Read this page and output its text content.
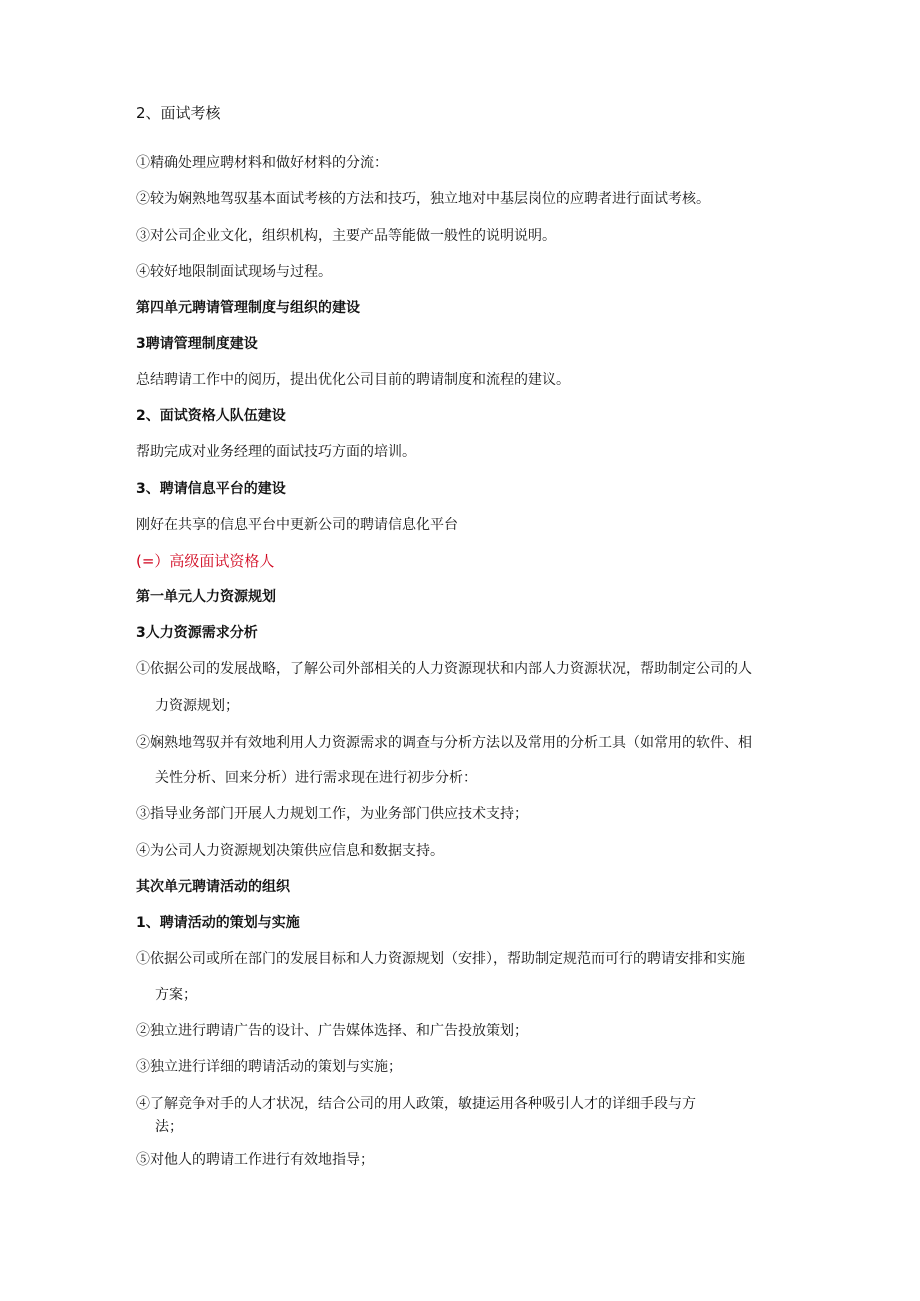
2、面试考核
①精确处理应聘材料和做好材料的分流：
②较为娴熟地驾驭基本面试考核的方法和技巧，独立地对中基层岗位的应聘者进行面试考核。
③对公司企业文化，组织机构，主要产品等能做一般性的说明说明。
④较好地限制面试现场与过程。
第四单元聘请管理制度与组织的建设
3聘请管理制度建设
总结聘请工作中的阅历，提出优化公司目前的聘请制度和流程的建议。
2、面试资格人队伍建设
帮助完成对业务经理的面试技巧方面的培训。
3、聘请信息平台的建设
刚好在共享的信息平台中更新公司的聘请信息化平台
(=）高级面试资格人
第一单元人力资源规划
3人力资源需求分析
①依据公司的发展战略，了解公司外部相关的人力资源现状和内部人力资源状况，帮助制定公司的人
力资源规划；
②娴熟地驾驭并有效地利用人力资源需求的调查与分析方法以及常用的分析工具（如常用的软件、相
关性分析、回来分析）进行需求现在进行初步分析：
③指导业务部门开展人力规划工作，为业务部门供应技术支持；
④为公司人力资源规划决策供应信息和数据支持。
其次单元聘请活动的组织
1、聘请活动的策划与实施
①依据公司或所在部门的发展目标和人力资源规划（安排），帮助制定规范而可行的聘请安排和实施
方案；
②独立进行聘请广告的设计、广告媒体选择、和广告投放策划；
③独立进行详细的聘请活动的策划与实施；
④了解竞争对手的人才状况，结合公司的用人政策，敏捷运用各种吸引人才的详细手段与方
法；
⑤对他人的聘请工作进行有效地指导；
